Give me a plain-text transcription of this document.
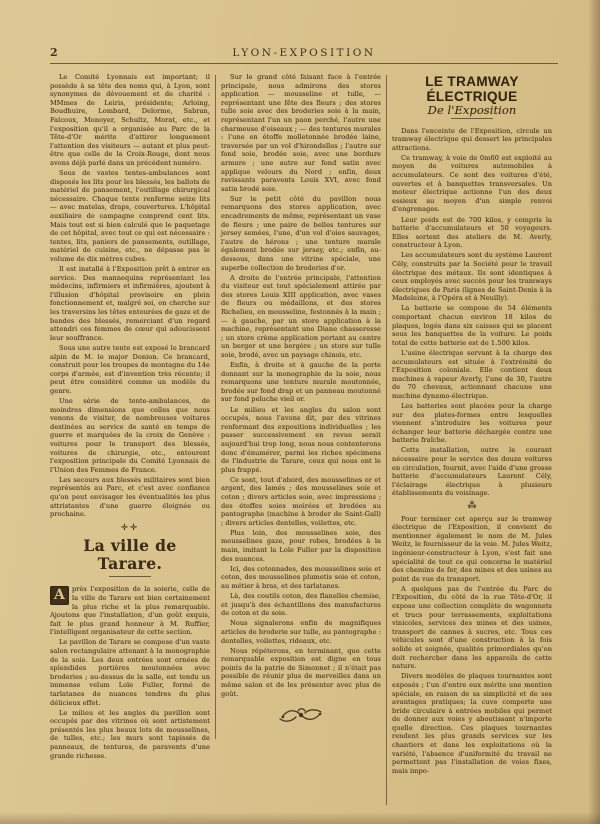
2	LYON-EXPOSITION

Le Comité Lyonnais est important; il possède à sa tête des noms qui, à Lyon, sont synonymes de dévouement et de charité : MMmes de Leiris, présidente; Arloing, Boudhuire, Lombard, Delorme, Sabran, Falcoux, Monoyer, Schultz, Morat, etc., et l'exposition qu'il a organisée au Parc de la Tête-d'Or mérite d'attirer longuement l'attention des visiteurs — autant et plus peut-être que celle de la Croix-Rouge, dont nous avons déjà parlé dans un précédent numéro.

Sous de vastes tentes-ambulances sont disposés les lits pour les blessés, les ballots de matériel de pansement, l'outillage chirurgical nécessaire. Chaque tente renferme seize lits — avec matelas, draps, couvertures. L'hôpital auxiliaire de campagne comprend cent lits. Mais tout est si bien calculé que le paquetage de cet hôpital, avec tout ce qui est nécessaire : tentes, lits, paniers de pansements, outillage, matériel de cuisine, etc., ne dépasse pas le volume de dix mètres cubes.

Il est installé à l'Exposition prêt à entrer en service. Des mannequins représentant les médecins, infirmiers et infirmières, ajoutent à l'illusion d'hôpital provisoire en plein fonctionnement et, malgré soi, on cherche sur les traversins les têtes entourées de gaze et de bandes des blessés, remerciant d'un regard attendri ces femmes de cœur qui adoucissent leur souffrance.

Sous une autre tente est exposé le brancard alpin de M. le major Donion. Ce brancard, construit pour les troupes de montagne du 14e corps d'armée, est d'invention très récente; il peut être considéré comme un modèle du genre.

Une série de tente-ambulances, de moindres dimensions que celles que nous venons de visiter, de nombreuses voitures destinées au service de santé en temps de guerre et marquées de la croix de Genève : voitures pour le transport des blessés, voitures de chirurgie, etc., entourent l'exposition principale du Comité Lyonnais de l'Union des Femmes de France.

Les secours aux blessés militaires sont bien représentés au Parc, et c'est avec confiance qu'on peut envisager les éventualités les plus attristantes d'une guerre éloignée ou prochaine.

✛✛
La ville de Tarare.

A	près l'exposition de la soierie, celle de la ville de Tarare est bien certainement la plus riche et la plus remarquable. Ajoutons que l'installation, d'un goût exquis, fait le plus grand honneur à M. Ruffier, l'intelligent organisateur de cette section.

Le pavillon de Tarare se compose d'un vaste salon rectangulaire attenant à la monographie de la soie. Les deux entrées sont ornées de splendides portières moutonnées avec broderies ; au-dessus de la salle, est tendu un immense velum Loïe Fuller, formé de tarlatanes de nuances tendres du plus délicieux effet.

Le milieu et les angles du pavillon sont occupés par des vitrines où sont artistement présentés les plus beaux lots de mousselines, de tulles, etc.; les murs sont tapissés de panneaux, de tentures, de paravents d'une grande richesse.

Sur le grand côté faisant face à l'entrée principale, nous admirons des stores application — mousseline et tulle, — représentant une fête des fleurs ; des stores tulle soie avec des broderies soie à la main, représentant l'un un paon perché, l'autre une charmeuse d'oiseaux ; — des tentures murales : l'une en étoffe molletonnée brodée laine, traversée par un vol d'hirondelles ; l'autre sur fond soie, brodée soie, avec une bordure armure ; une autre sur fond satin avec applique velours du Nord ; enfin, deux ravissants paravents Louis XVI, avec fond satin brodé soie.

Sur le petit côté du pavillon nous remarquons des stores application, avec encadrements de même, représentant un vase de fleurs ; une paire de belles tentures sur jersey semées, l'une, d'un vol d'oies sauvages, l'autre de hérons ; une tenture murale également brodée sur jersey, etc.; enfin, au-dessous, dans une vitrine spéciale, une superbe collection de broderies d'or.

A droite de l'entrée principale, l'attention du visiteur est tout spécialement attirée par des stores Louis XIII application, avec vases de fleurs ou médaillons, et des stores Richelieu, en mousseline, festonnés à la main ; — à gauche, par un store application à la machine, représentant une Diane chasseresse ; un store crème application portant au centre un berger et une bergère ; un store sur tulle soie, brodé, avec un paysage chinois, etc.

Enfin, à droite et à gauche de la porte donnant sur la monographie de la soie, nous remarquons une tenture murale moutonnée, brodée sur fond drap et un panneau moutonné sur fond peluche vieil or.

Le milieu et les angles du salon sont occupés, nous l'avons dit, par des vitrines renfermant des expositions individuelles ; les passer successivement en revue serait aujourd'hui trop long, nous nous contenterons donc d'énumérer, parmi les riches spécimens de l'industrie de Tarare, ceux qui nous ont le plus frappé.

Ce sont, tout d'abord, des mousselines or et argent, des lamés ; des mousselines soie et coton ; divers articles soie, avec impressions ; des étoffes soies moirées et brodées au pantographe (machine à broder de Saint-Gall) ; divers articles dentelles, voilettes, etc.

Plus loin, des mousselines soie, des mousselines gaze, pour robes, brodées à la main, imitant la Loïe Fuller par la disposition des nuances.

Ici, des cotonnades, des mousselines soie et coton, des mousselines plumetis soie et coton, au métier à bras, et des tarlatanes.

Là, des coutils coton, des flanelles chemise, et jusqu'à des échantillons des manufactures de coton et de soie.

Nous signalerons enfin de magnifiques articles de broderie sur tulle, au pantographe : dentelles, voilettes, rideaux, etc.

Nous répéterons, en terminant, que cette remarquable exposition est digne en tous points de la patrie de Simonnet ; il n'était pas possible de réunir plus de merveilles dans un même salon et de les présenter avec plus de goût.

LE TRAMWAY ÉLECTRIQUE
De l'Exposition

Dans l'enceinte de l'Exposition, circule un tramway électrique qui dessert les principales attractions.

Ce tramway, à voie de 0m60 est exploité au moyen de voitures automobiles à accumulateurs. Ce sont des voitures d'été, ouvertes et à banquettes transversales. Un moteur électrique actionne l'un des deux essieux au moyen d'un simple renvoi d'engrenages.

Leur poids est de 700 kilos, y compris la batterie d'accumulateurs et 50 voyageurs. Elles sortent des ateliers de M. Averly, constructeur à Lyon.

Les accumulateurs sont du système Laurent Cély, construits par la Société pour le travail électrique des métaux. Ils sont identiques à ceux employés avec succès pour les tramways électriques de Paris (lignes de Saint-Denis à la Madeleine, à l'Opéra et à Neuilly).

La batterie se compose de 54 éléments comportant chacun environ 18 kilos de plaques, logés dans six caisses qui se placent sous les banquettes de la voiture. Le poids total de cette batterie est de 1.500 kilos.

L'usine électrique servant à la charge des accumulateurs est située à l'extrémité de l'Exposition coloniale. Elle contient deux machines à vapeur Averly, l'une de 30, l'autre de 70 chevaux, actionnant chacune une machine dynamo-électrique.

Les batteries sont placées pour la charge sur des plates-formes entre lesquelles viennent s'introduire les voitures pour échanger leur batterie déchargée contre une batterie fraîche.

Cette installation, outre le courant nécessaire pour le service des douze voitures en circulation, fournit, avec l'aide d'une grosse batterie d'accumulateurs Laurent Cély, l'éclairage électrique à plusieurs établissements du voisinage.

⁂

Pour terminer cet aperçu sur le tramway électrique de l'Exposition, il convient de mentionner également le nom de M. Jules Weitz, le fournisseur de la voie. M. Jules Weitz, ingénieur-constructeur à Lyon, s'est fait une spécialité de tout ce qui concerne le matériel des chemins de fer, des mines et des usines au point de vue du transport.

A quelques pas de l'entrée du Parc de l'Exposition, du côté de la rue Tête-d'Or, il expose une collection complète de wagonnets et trucs pour terrassements, exploitations vinicoles, services des mines et des usines, transport de cannes à sucres, etc. Tous ces véhicules sont d'une construction à la fois solide et soignée, qualités primordiales qu'on doit rechercher dans les appareils de cette nature.

Divers modèles de plaques tournantes sont exposés ; l'un d'entre eux mérite une mention spéciale, en raison de sa simplicité et de ses avantages pratiques; la cuve comporte une bride circulaire à entrées mobiles qui permet de donner aux voies y aboutissant n'importe quelle direction. Ces plaques tournantes rendent les plus grands services sur les chantiers et dans les exploitations où la variété, l'absence d'uniformité du travail ne permettent pas l'installation de voies fixes, mais impo-
